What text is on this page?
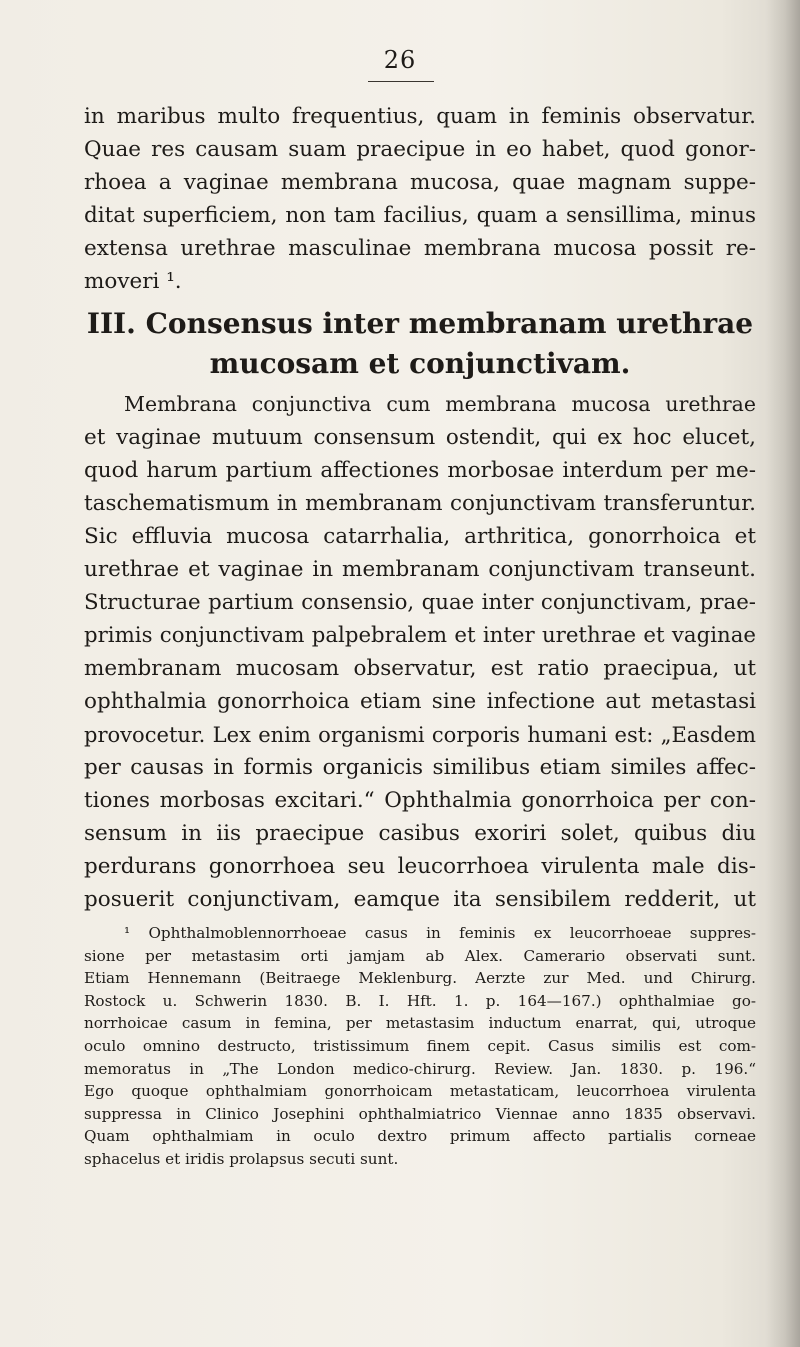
26

in maribus multo frequentius, quam in feminis observatur.
Quae res causam suam praecipue in eo habet, quod gonor-
rhoea a vaginae membrana mucosa, quae magnam suppe-
ditat superficiem, non tam facilius, quam a sensillima, minus
extensa urethrae masculinae membrana mucosa possit re-
moveri ¹.

III. Consensus inter membranam urethrae
mucosam et conjunctivam.

Membrana conjunctiva cum membrana mucosa urethrae
et vaginae mutuum consensum ostendit, qui ex hoc elucet,
quod harum partium affectiones morbosae interdum per me-
taschematismum in membranam conjunctivam transferuntur.
Sic effluvia mucosa catarrhalia, arthritica, gonorrhoica et
urethrae et vaginae in membranam conjunctivam transeunt.
Structurae partium consensio, quae inter conjunctivam, prae-
primis conjunctivam palpebralem et inter urethrae et vaginae
membranam mucosam observatur, est ratio praecipua, ut
ophthalmia gonorrhoica etiam sine infectione aut metastasi
provocetur. Lex enim organismi corporis humani est: „Easdem
per causas in formis organicis similibus etiam similes affec-
tiones morbosas excitari.“ Ophthalmia gonorrhoica per con-
sensum in iis praecipue casibus exoriri solet, quibus diu
perdurans gonorrhoea seu leucorrhoea virulenta male dis-
posuerit conjunctivam, eamque ita sensibilem redderit, ut

¹ Ophthalmoblennorrhoeae casus in feminis ex leucorrhoeae suppres-
sione per metastasim orti jamjam ab Alex. Camerario observati sunt.
Etiam Hennemann (Beitraege Meklenburg. Aerzte zur Med. und Chirurg.
Rostock u. Schwerin 1830. B. I. Hft. 1. p. 164—167.) ophthalmiae go-
norrhoicae casum in femina, per metastasim inductum enarrat, qui, utroque
oculo omnino destructo, tristissimum finem cepit. Casus similis est com-
memoratus in „The London medico-chirurg. Review. Jan. 1830. p. 196.“
Ego quoque ophthalmiam gonorrhoicam metastaticam, leucorrhoea virulenta
suppressa in Clinico Josephini ophthalmiatrico Viennae anno 1835 observavi.
Quam ophthalmiam in oculo dextro primum affecto partialis corneae
sphacelus et iridis prolapsus secuti sunt.
